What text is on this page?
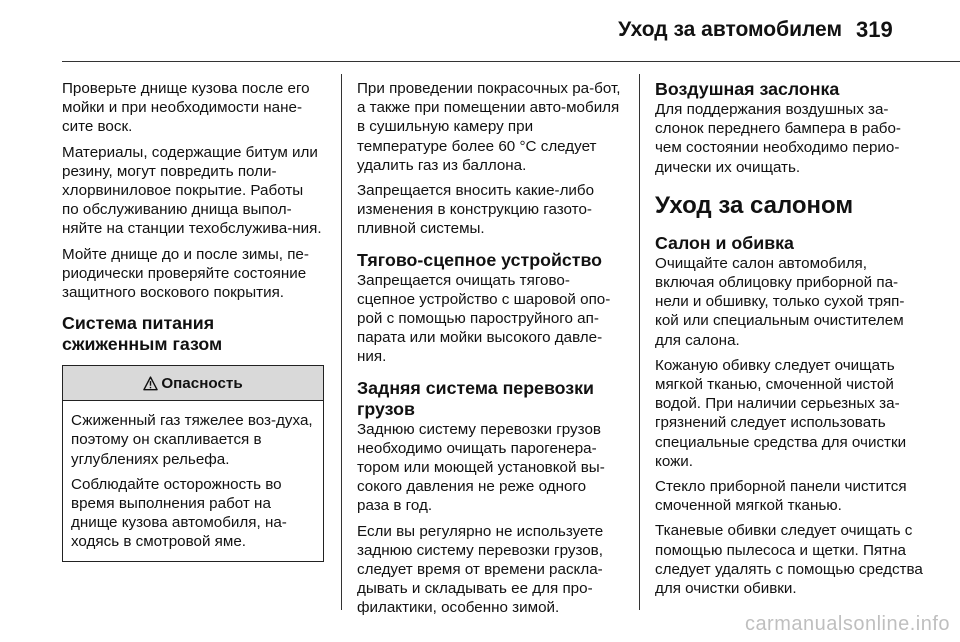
Уход за автомобилем 319

Проверьте днище кузова после его мойки и при необходимости нане-сите воск.

Материалы, содержащие битум или резину, могут повредить поли-хлорвиниловое покрытие. Работы по обслуживанию днища выпол-няйте на станции техобслужива-ния.

Мойте днище до и после зимы, пе-риодически проверяйте состояние защитного воскового покрытия.

Система питания сжиженным газом
Опасность

Сжиженный газ тяжелее воз-духа, поэтому он скапливается в углублениях рельефа.

Соблюдайте осторожность во время выполнения работ на днище кузова автомобиля, на-ходясь в смотровой яме.

При проведении покрасочных ра-бот, а также при помещении авто-мобиля в сушильную камеру при температуре более 60 °C следует удалить газ из баллона.

Запрещается вносить какие-либо изменения в конструкцию газото-пливной системы.

Тягово-сцепное устройство

Запрещается очищать тягово-сцепное устройство с шаровой опо-рой с помощью пароструйного ап-парата или мойки высокого давле-ния.

Задняя система перевозки грузов

Заднюю систему перевозки грузов необходимо очищать парогенера-тором или моющей установкой вы-сокого давления не реже одного раза в год.

Если вы регулярно не используете заднюю систему перевозки грузов, следует время от времени раскла-дывать и складывать ее для про-филактики, особенно зимой.

Воздушная заслонка

Для поддержания воздушных за-слонок переднего бампера в рабо-чем состоянии необходимо перио-дически их очищать.

Уход за салоном
Салон и обивка

Очищайте салон автомобиля, включая облицовку приборной па-нели и обшивку, только сухой тряп-кой или специальным очистителем для салона.

Кожаную обивку следует очищать мягкой тканью, смоченной чистой водой. При наличии серьезных за-грязнений следует использовать специальные средства для очистки кожи.

Стекло приборной панели чистится смоченной мягкой тканью.

Тканевые обивки следует очищать с помощью пылесоса и щетки. Пятна следует удалять с помощью средства для очистки обивки.

carmanualsonline.info
